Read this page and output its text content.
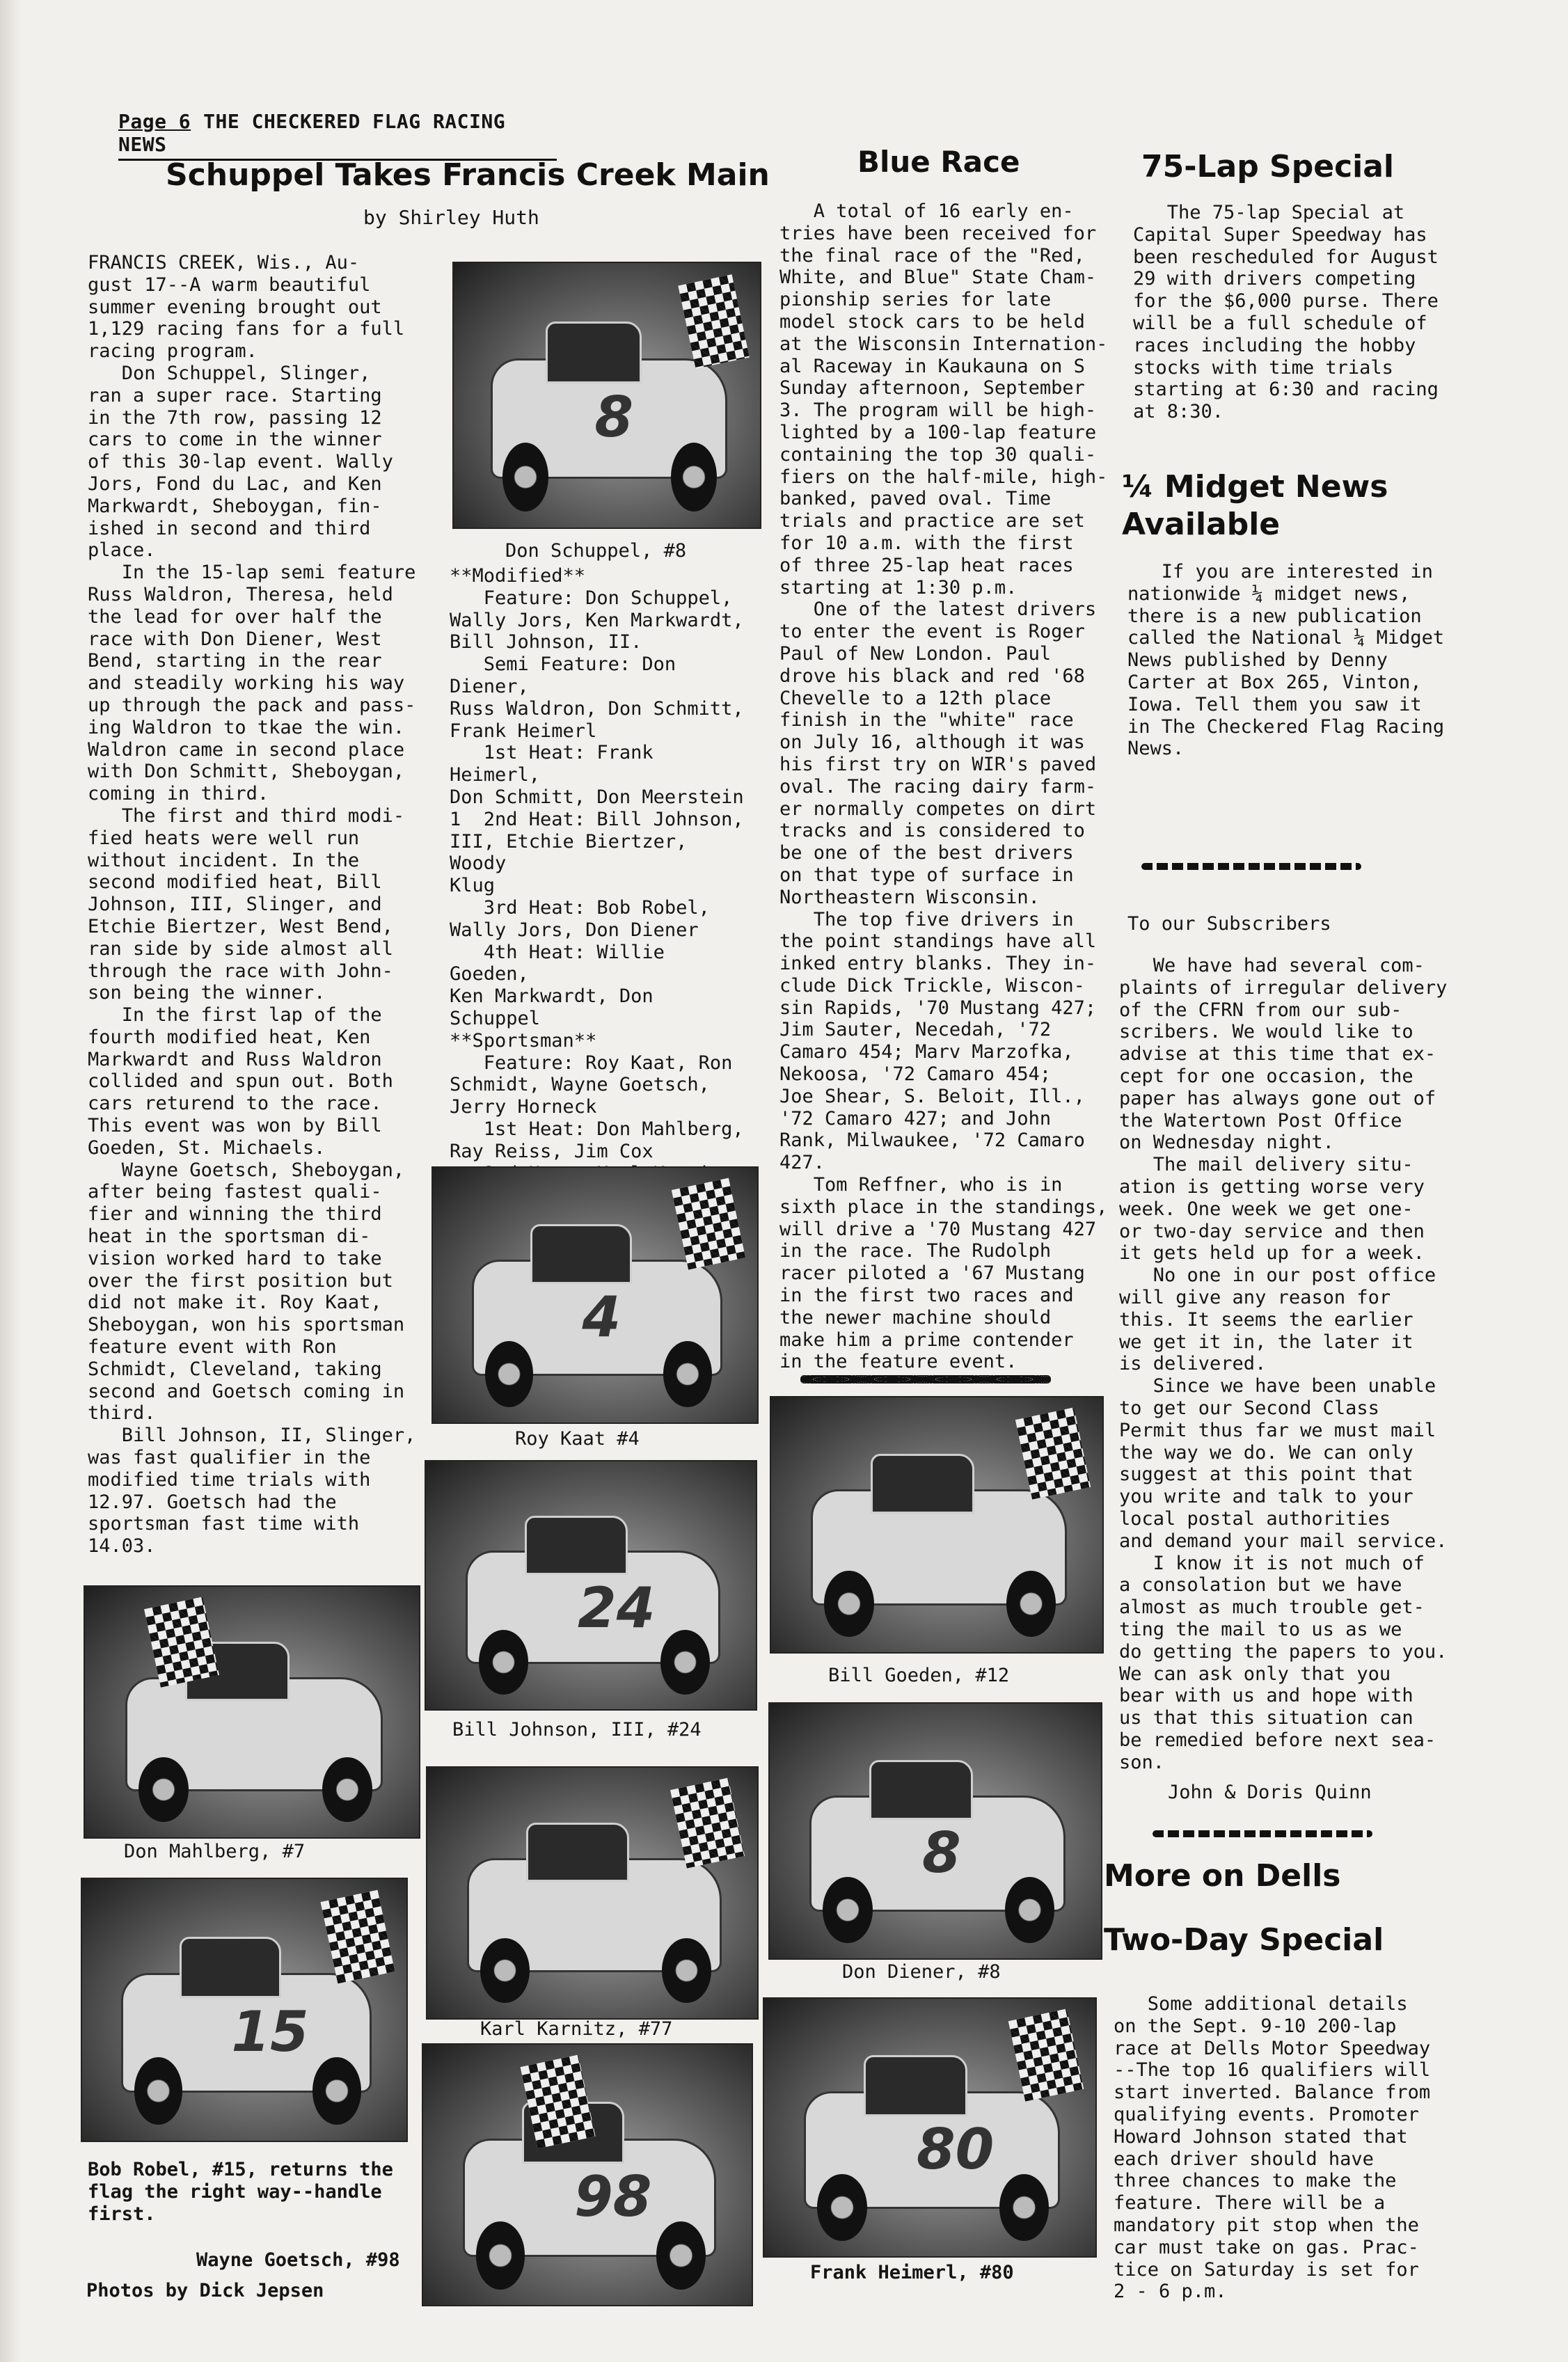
Page 6 THE CHECKERED FLAG RACING NEWS
Schuppel Takes Francis Creek Main
by Shirley Huth
FRANCIS CREEK, Wis., Au-
gust 17--A warm beautiful
summer evening brought out
1,129 racing fans for a full
racing program.
Don Schuppel, Slinger,
ran a super race. Starting
in the 7th row, passing 12
cars to come in the winner
of this 30-lap event. Wally
Jors, Fond du Lac, and Ken
Markwardt, Sheboygan, fin-
ished in second and third
place.
In the 15-lap semi feature
Russ Waldron, Theresa, held
the lead for over half the
race with Don Diener, West
Bend, starting in the rear
and steadily working his way
up through the pack and pass-
ing Waldron to tkae the win.
Waldron came in second place
with Don Schmitt, Sheboygan,
coming in third.
The first and third modi-
fied heats were well run
without incident. In the
second modified heat, Bill
Johnson, III, Slinger, and
Etchie Biertzer, West Bend,
ran side by side almost all
through the race with John-
son being the winner.
In the first lap of the
fourth modified heat, Ken
Markwardt and Russ Waldron
collided and spun out. Both
cars returend to the race.
This event was won by Bill
Goeden, St. Michaels.
Wayne Goetsch, Sheboygan,
after being fastest quali-
fier and winning the third
heat in the sportsman di-
vision worked hard to take
over the first position but
did not make it. Roy Kaat,
Sheboygan, won his sportsman
feature event with Ron
Schmidt, Cleveland, taking
second and Goetsch coming in
third.
Bill Johnson, II, Slinger,
was fast qualifier in the
modified time trials with
12.97. Goetsch had the
sportsman fast time with
14.03.
**Modified**
Feature: Don Schuppel,
Wally Jors, Ken Markwardt,
Bill Johnson, II.
Semi Feature: Don Diener,
Russ Waldron, Don Schmitt,
Frank Heimerl
1st Heat: Frank Heimerl,
Don Schmitt, Don Meerstein
1  2nd Heat: Bill Johnson,
III, Etchie Biertzer, Woody
Klug
3rd Heat: Bob Robel,
Wally Jors, Don Diener
4th Heat: Willie Goeden,
Ken Markwardt, Don Schuppel
**Sportsman**
Feature: Roy Kaat, Ron
Schmidt, Wayne Goetsch,
Jerry Horneck
1st Heat: Don Mahlberg,
Ray Reiss, Jim Cox

Don Mahlberg, #7
15
Bob Robel, #15, returns the
flag the right way--handle
first.
Wayne Goetsch, #98
Photos by Dick Jepsen
8
Don Schuppel, #8
4
Roy Kaat #4
24
Bill Johnson, III, #24
Karl Karnitz, #77
98
Blue Race
A total of 16 early en-
tries have been received for
the final race of the "Red,
White, and Blue" State Cham-
pionship series for late
model stock cars to be held
at the Wisconsin Internation-
al Raceway in Kaukauna on S
Sunday afternoon, September
3. The program will be high-
lighted by a 100-lap feature
containing the top 30 quali-
fiers on the half-mile, high-
banked, paved oval. Time
trials and practice are set
for 10 a.m. with the first
of three 25-lap heat races
starting at 1:30 p.m.
One of the latest drivers
to enter the event is Roger
Paul of New London. Paul
drove his black and red '68
Chevelle to a 12th place
finish in the "white" race
on July 16, although it was
his first try on WIR's paved
oval. The racing dairy farm-
er normally competes on dirt
tracks and is considered to
be one of the best drivers
on that type of surface in
Northeastern Wisconsin.
The top five drivers in
the point standings have all
inked entry blanks. They in-
clude Dick Trickle, Wiscon-
sin Rapids, '70 Mustang 427;
Jim Sauter, Necedah, '72
Camaro 454; Marv Marzofka,
Nekoosa, '72 Camaro 454;
Joe Shear, S. Beloit, Ill.,
'72 Camaro 427; and John
Rank, Milwaukee, '72 Camaro
427.
Tom Reffner, who is in
sixth place in the standings,
will drive a '70 Mustang 427
in the race. The Rudolph
racer piloted a '67 Mustang
in the first two races and
the newer machine should
make him a prime contender
in the feature event.
Bill Goeden, #12
8
Don Diener, #8
80
Frank Heimerl, #80
75-Lap Special
The 75-lap Special at
Capital Super Speedway has
been rescheduled for August
29 with drivers competing
for the $6,000 purse. There
will be a full schedule of
races including the hobby
stocks with time trials
starting at 6:30 and racing
at 8:30.
¼ Midget News
Available
If you are interested in
nationwide ¼ midget news,
there is a new publication
called the National ¼ Midget
News published by Denny
Carter at Box 265, Vinton,
Iowa. Tell them you saw it
in The Checkered Flag Racing
News.
To our Subscribers
We have had several com-
plaints of irregular delivery
of the CFRN from our sub-
scribers. We would like to
advise at this time that ex-
cept for one occasion, the
paper has always gone out of
the Watertown Post Office
on Wednesday night.
The mail delivery situ-
ation is getting worse very
week. One week we get one-
or two-day service and then
it gets held up for a week.
No one in our post office
will give any reason for
this. It seems the earlier
we get it in, the later it
is delivered.
Since we have been unable
to get our Second Class
Permit thus far we must mail
the way we do. We can only
suggest at this point that
you write and talk to your
local postal authorities
and demand your mail service.
I know it is not much of
a consolation but we have
almost as much trouble get-
ting the mail to us as we
do getting the papers to you.
We can ask only that you
bear with us and hope with
us that this situation can
be remedied before next sea-
son.
John & Doris Quinn
More on Dells
Two-Day Special
Some additional details
on the Sept. 9-10 200-lap
race at Dells Motor Speedway
--The top 16 qualifiers will
start inverted. Balance from
qualifying events. Promoter
Howard Johnson stated that
each driver should have
three chances to make the
feature. There will be a
mandatory pit stop when the
car must take on gas. Prac-
tice on Saturday is set for
2 - 6 p.m.
